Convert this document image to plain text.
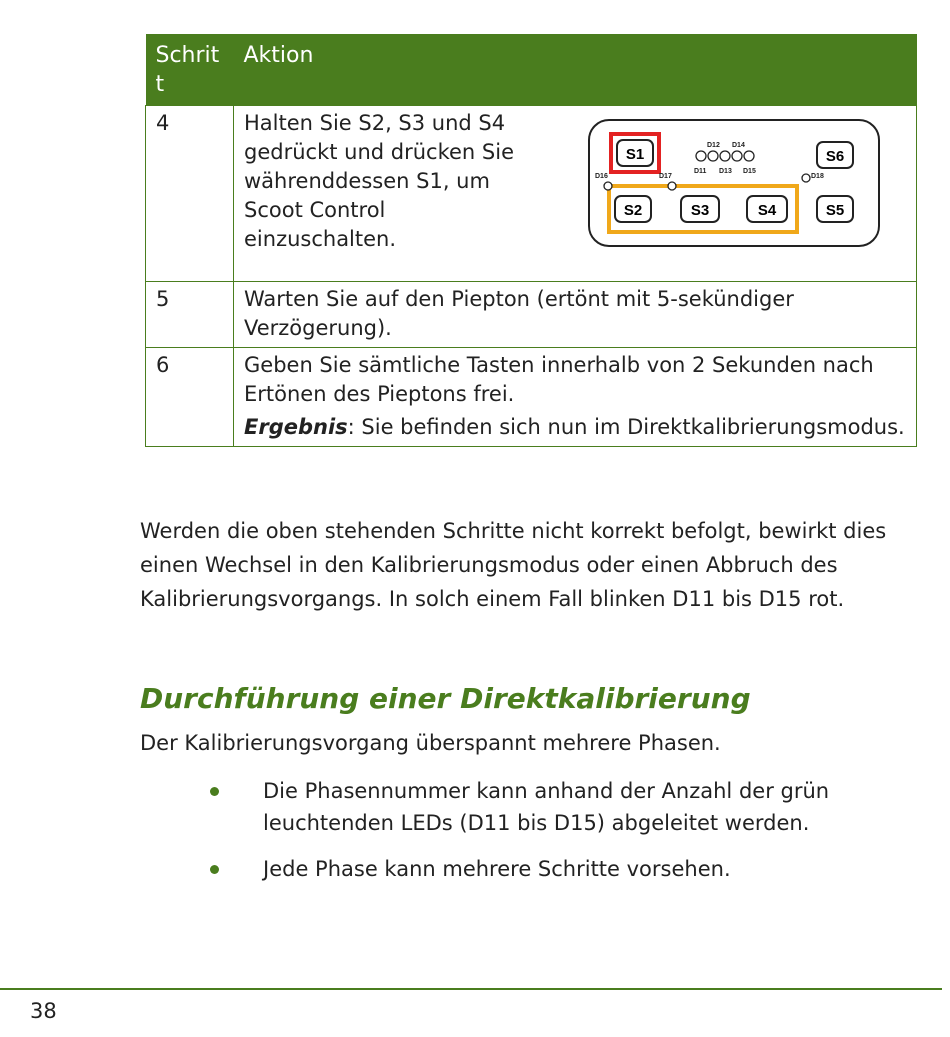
Schritt	Aktion
4	Halten Sie S2, S3 und S4 gedrückt und drücken Sie währenddessen S1, um Scoot Control einzuschalten.

5	Warten Sie auf den Piepton (ertönt mit 5-sekündiger Verzögerung).
6	Geben Sie sämtliche Tasten innerhalb von 2 Sekunden nach Ertönen des Pieptons frei.
Ergebnis: Sie befinden sich nun im Direktkalibrierungsmodus.
S1
S2	S3	S4	S5
S6
D12 D14
D11 D13 D15
D16	D17	D18

Werden die oben stehenden Schritte nicht korrekt befolgt, bewirkt dies einen Wechsel in den Kalibrierungsmodus oder einen Abbruch des Kalibrierungsvorgangs. In solch einem Fall blinken D11 bis D15 rot.

Durchführung einer Direktkalibrierung

Der Kalibrierungsvorgang überspannt mehrere Phasen.

Die Phasennummer kann anhand der Anzahl der grün leuchtenden LEDs (D11 bis D15) abgeleitet werden.
Jede Phase kann mehrere Schritte vorsehen.
38
